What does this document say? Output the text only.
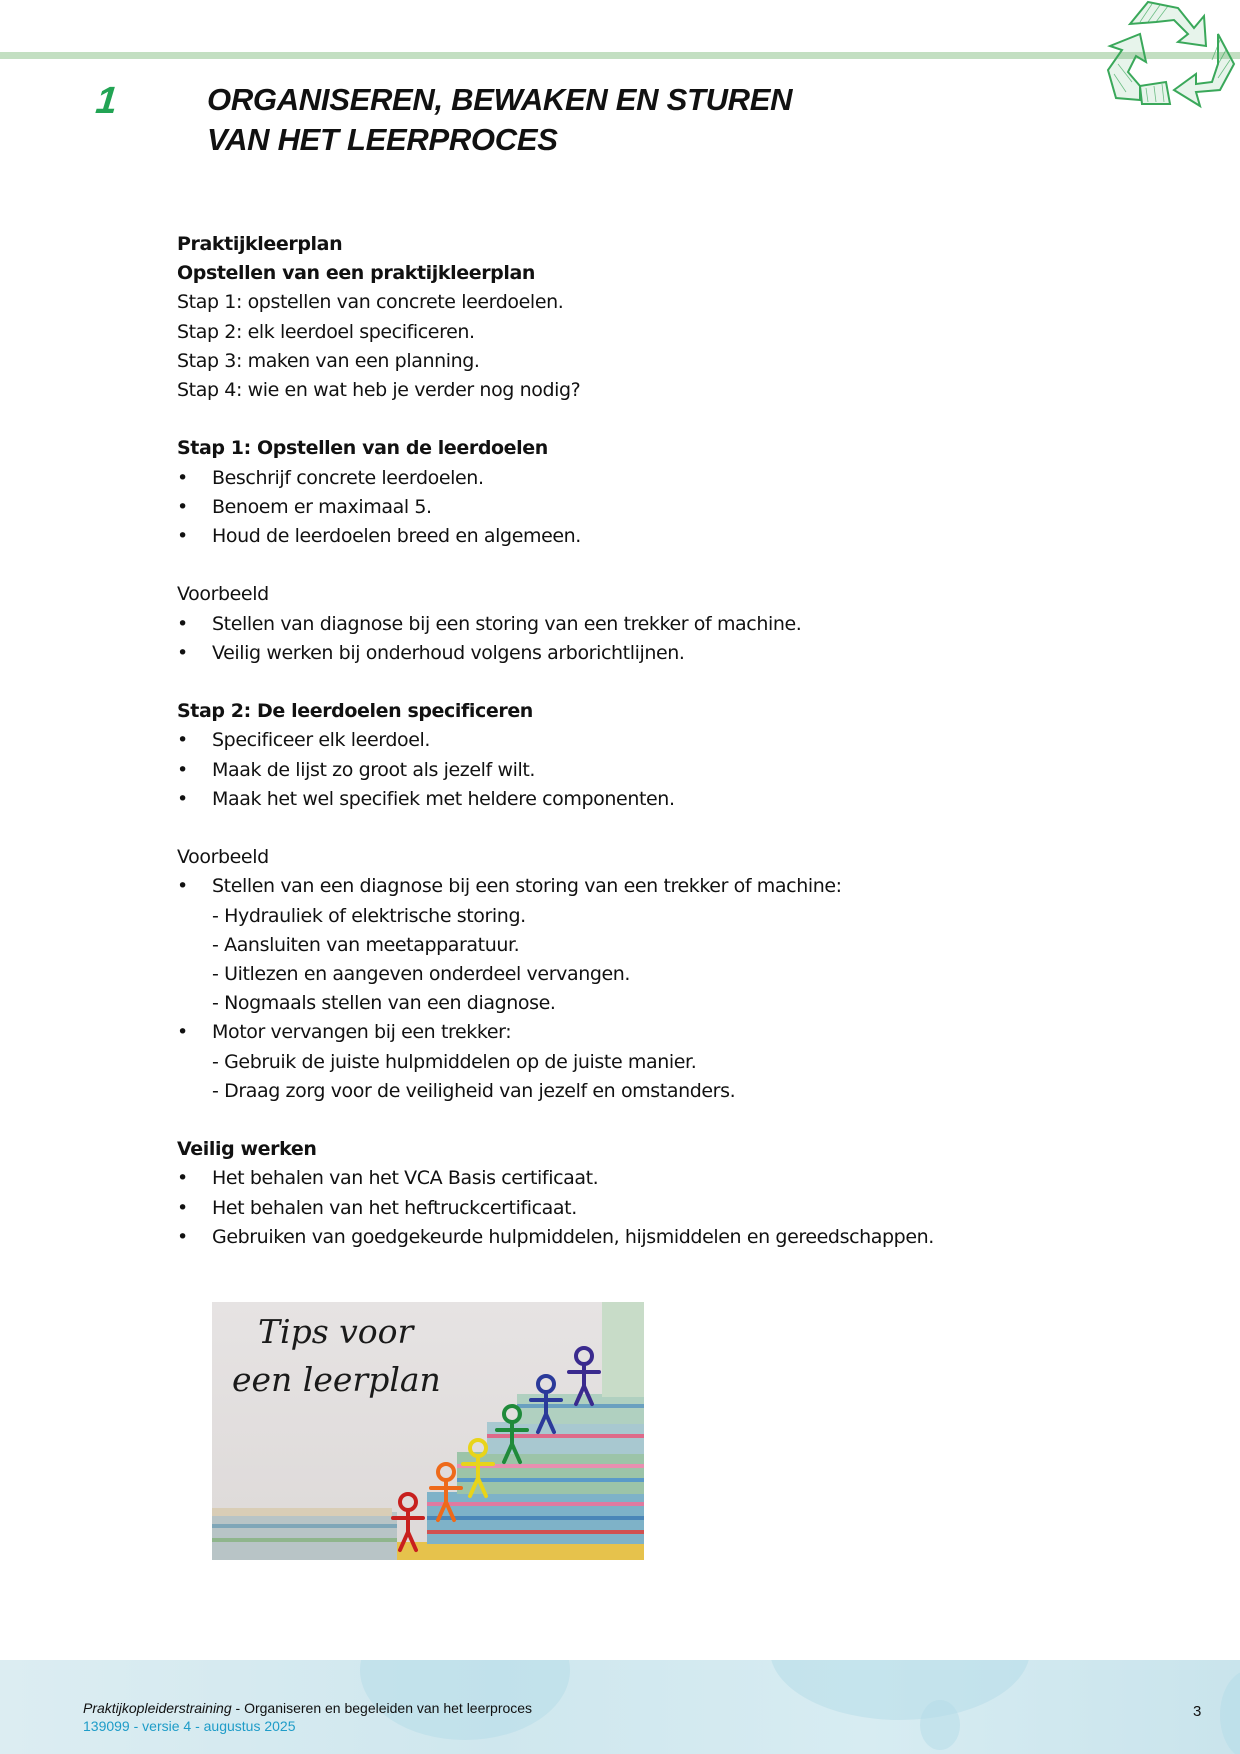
1	ORGANISEREN, BEWAKEN EN STUREN
VAN HET LEERPROCES
Praktijkleerplan
Opstellen van een praktijkleerplan
Stap 1: opstellen van concrete leerdoelen.
Stap 2: elk leerdoel specificeren.
Stap 3: maken van een planning.
Stap 4: wie en wat heb je verder nog nodig?
Stap 1: Opstellen van de leerdoelen
•	Beschrijf concrete leerdoelen.
•	Benoem er maximaal 5.
•	Houd de leerdoelen breed en algemeen.
Voorbeeld
•	Stellen van diagnose bij een storing van een trekker of machine.
•	Veilig werken bij onderhoud volgens arborichtlijnen.
Stap 2: De leerdoelen specificeren
•	Specificeer elk leerdoel.
•	Maak de lijst zo groot als jezelf wilt.
•	Maak het wel specifiek met heldere componenten.
Voorbeeld
•	Stellen van een diagnose bij een storing van een trekker of machine:
- Hydrauliek of elektrische storing.
- Aansluiten van meetapparatuur.
- Uitlezen en aangeven onderdeel vervangen.
- Nogmaals stellen van een diagnose.
•	Motor vervangen bij een trekker:
- Gebruik de juiste hulpmiddelen op de juiste manier.
- Draag zorg voor de veiligheid van jezelf en omstanders.
Veilig werken
•	Het behalen van het VCA Basis certificaat.
•	Het behalen van het heftruckcertificaat.
•	Gebruiken van goedgekeurde hulpmiddelen, hijsmiddelen en gereedschappen.
Tips voor
een leerplan
Praktijkopleiderstraining - Organiseren en begeleiden van het leerproces
139099 - versie 4 - augustus 2025
3
